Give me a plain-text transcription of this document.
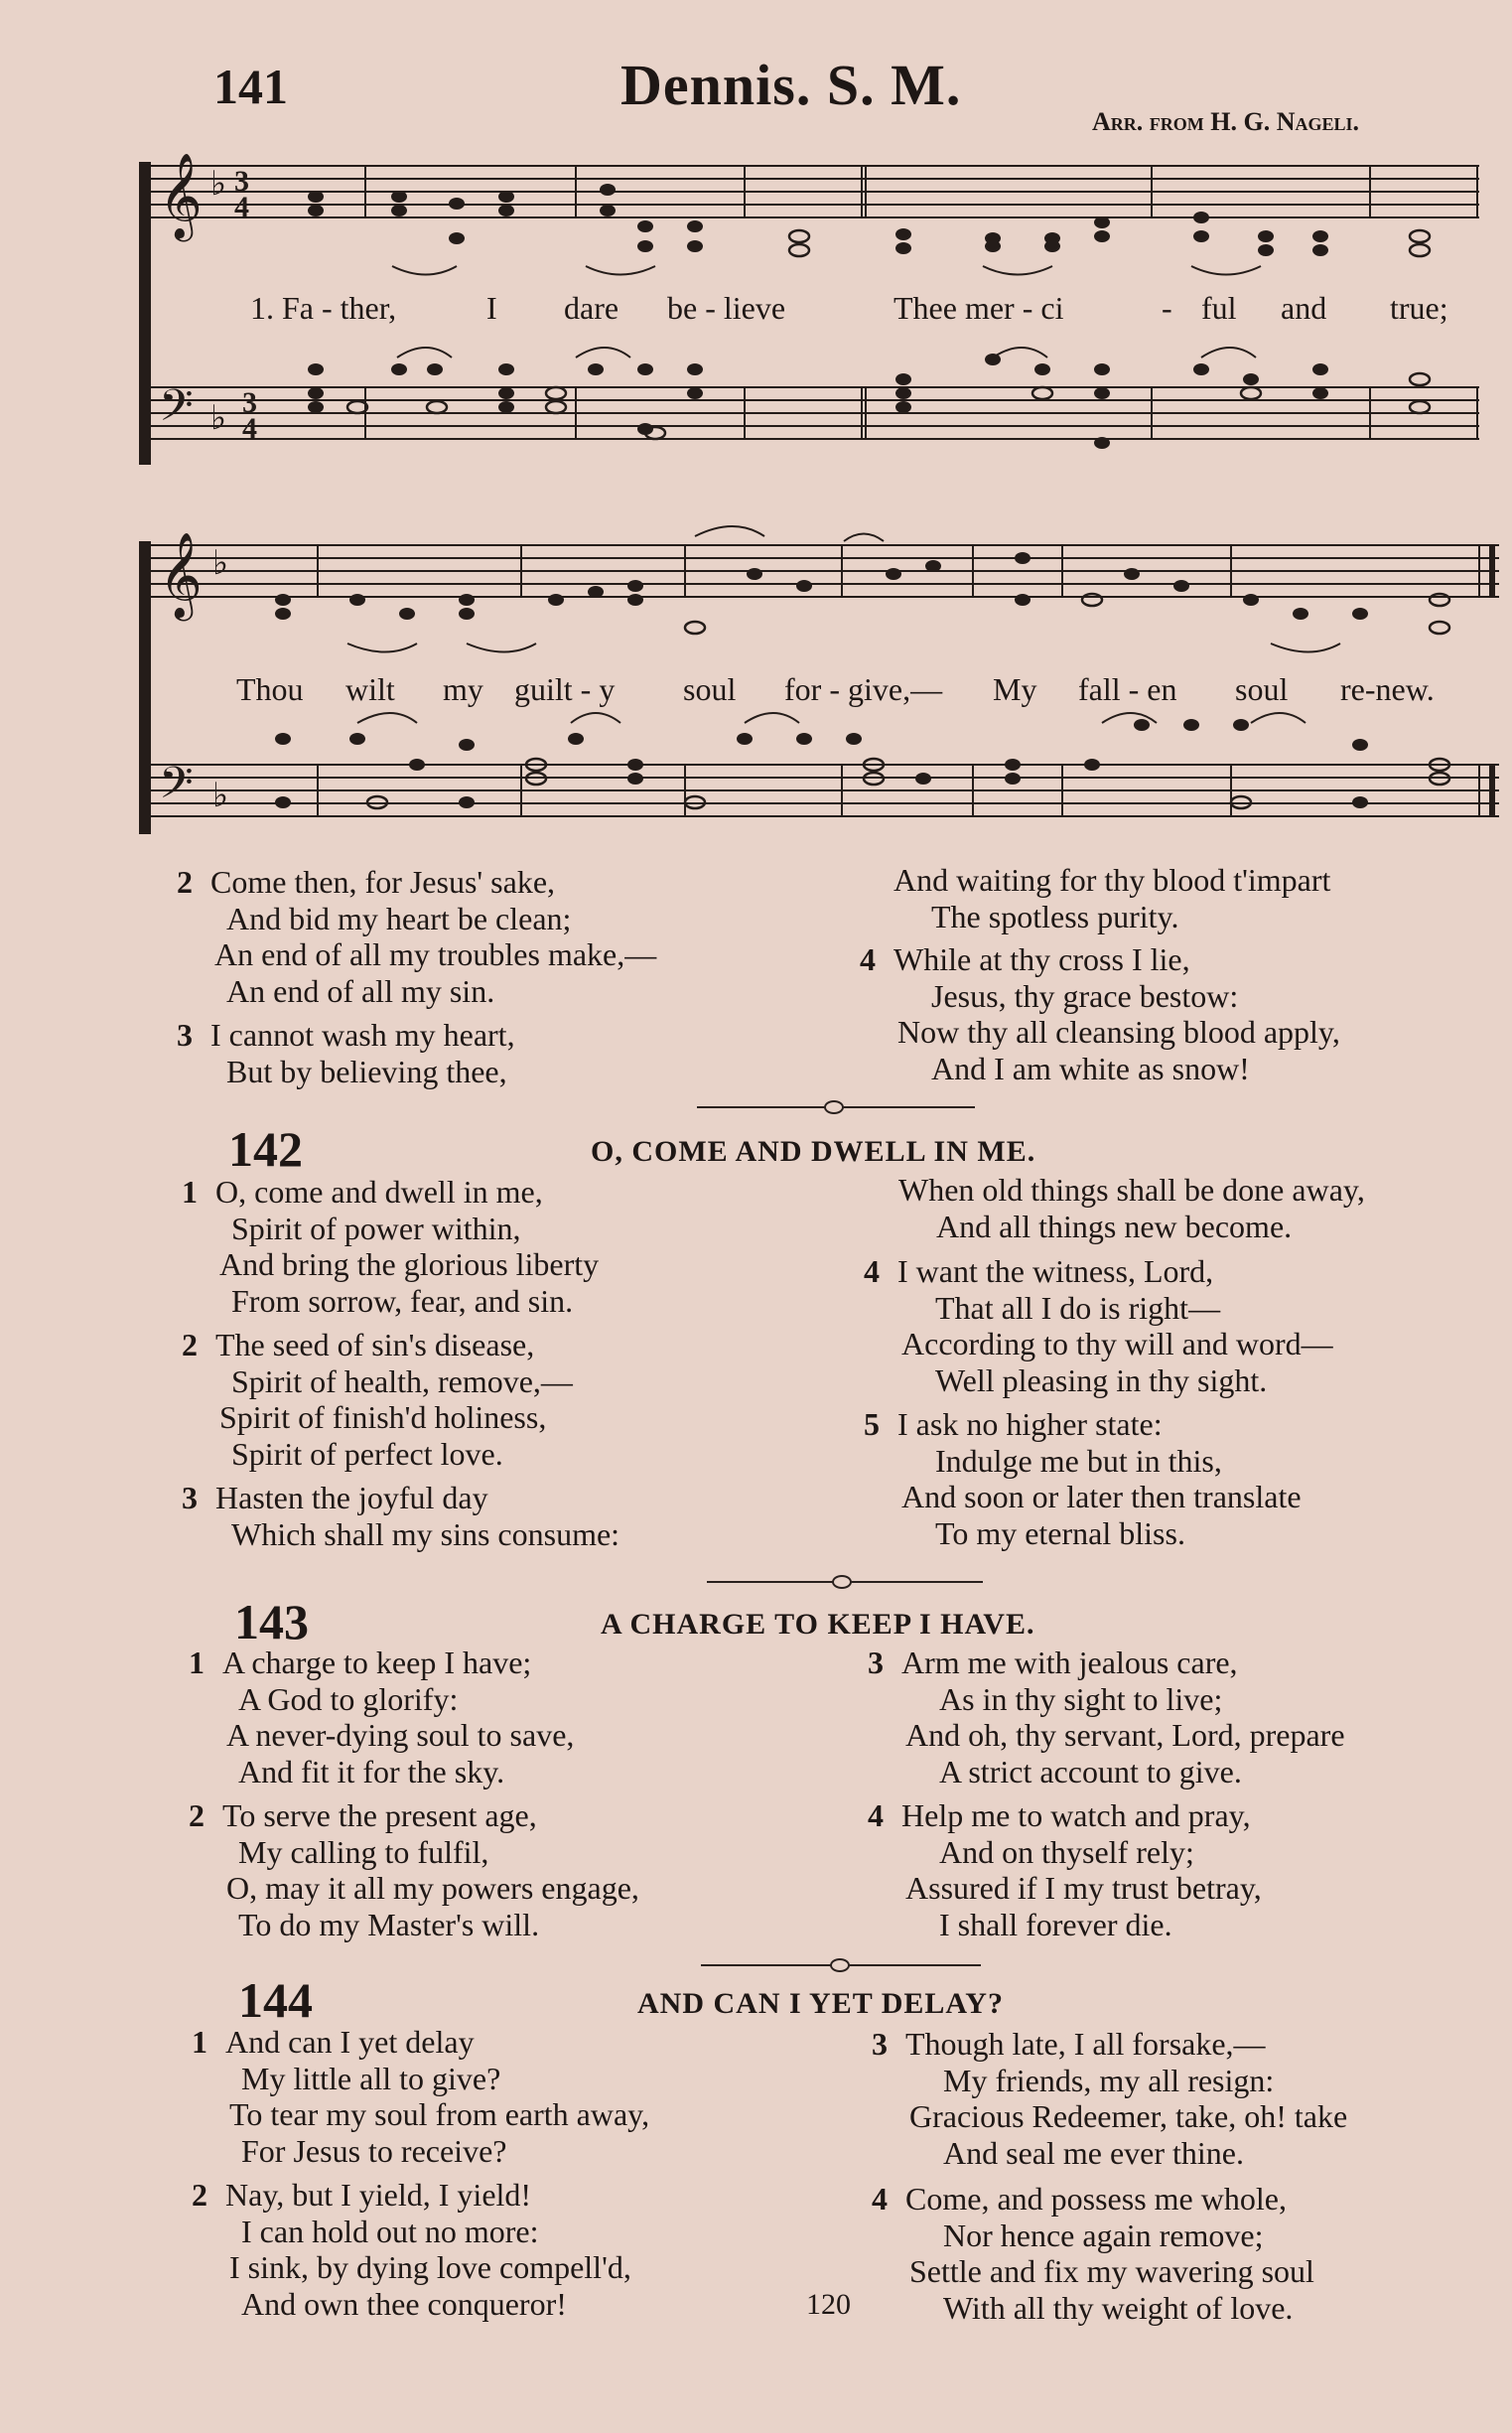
141	Dennis. S. M.
Arr. from H. G. Nageli.
𝄞
𝄢
♭
♭
3
4
3
4
1. Fa - ther,	I dare be - lieve	Thee mer - ci	- ful and true;
𝄞
𝄢
♭
♭
Thou wilt my guilt - y soul for - give,— My fall - en soul re-new.
2 Come then, for Jesus' sake,
And bid my heart be clean;
An end of all my troubles make,—
An end of all my sin.
3 I cannot wash my heart,
But by believing thee,
And waiting for thy blood t'impart
The spotless purity.
4 While at thy cross I lie,
Jesus, thy grace bestow:
Now thy all cleansing blood apply,
And I am white as snow!
142	O, COME AND DWELL IN ME.
1 O, come and dwell in me,
Spirit of power within,
And bring the glorious liberty
From sorrow, fear, and sin.
2 The seed of sin's disease,
Spirit of health, remove,—
Spirit of finish'd holiness,
Spirit of perfect love.
3 Hasten the joyful day
Which shall my sins consume:
When old things shall be done away,
And all things new become.
4 I want the witness, Lord,
That all I do is right—
According to thy will and word—
Well pleasing in thy sight.
5 I ask no higher state:
Indulge me but in this,
And soon or later then translate
To my eternal bliss.
143	A CHARGE TO KEEP I HAVE.
1 A charge to keep I have;
A God to glorify:
A never-dying soul to save,
And fit it for the sky.
2 To serve the present age,
My calling to fulfil,
O, may it all my powers engage,
To do my Master's will.
3 Arm me with jealous care,
As in thy sight to live;
And oh, thy servant, Lord, prepare
A strict account to give.
4 Help me to watch and pray,
And on thyself rely;
Assured if I my trust betray,
I shall forever die.
144	AND CAN I YET DELAY?
1 And can I yet delay
My little all to give?
To tear my soul from earth away,
For Jesus to receive?
2 Nay, but I yield, I yield!
I can hold out no more:
I sink, by dying love compell'd,
And own thee conqueror!
3 Though late, I all forsake,—
My friends, my all resign:
Gracious Redeemer, take, oh! take
And seal me ever thine.
4 Come, and possess me whole,
Nor hence again remove;
Settle and fix my wavering soul
With all thy weight of love.
120
